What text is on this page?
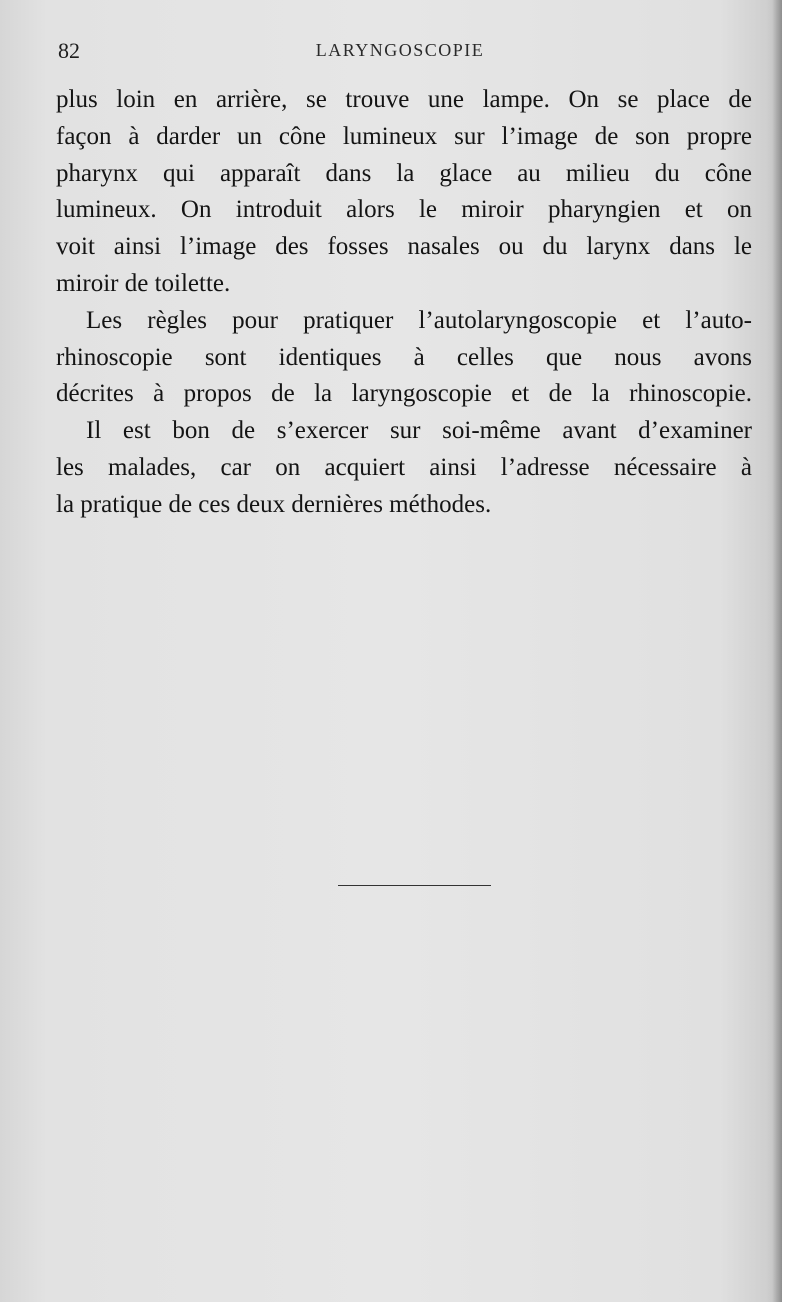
82	LARYNGOSCOPIE
plus loin en arrière, se trouve une lampe. On se place de
façon à darder un cône lumineux sur l’image de son propre
pharynx qui apparaît dans la glace au milieu du cône
lumineux. On introduit alors le miroir pharyngien et on
voit ainsi l’image des fosses nasales ou du larynx dans le
miroir de toilette.
Les règles pour pratiquer l’autolaryngoscopie et l’auto-
rhinoscopie sont identiques à celles que nous avons
décrites à propos de la laryngoscopie et de la rhinoscopie.
Il est bon de s’exercer sur soi-même avant d’examiner
les malades, car on acquiert ainsi l’adresse nécessaire à
la pratique de ces deux dernières méthodes.
